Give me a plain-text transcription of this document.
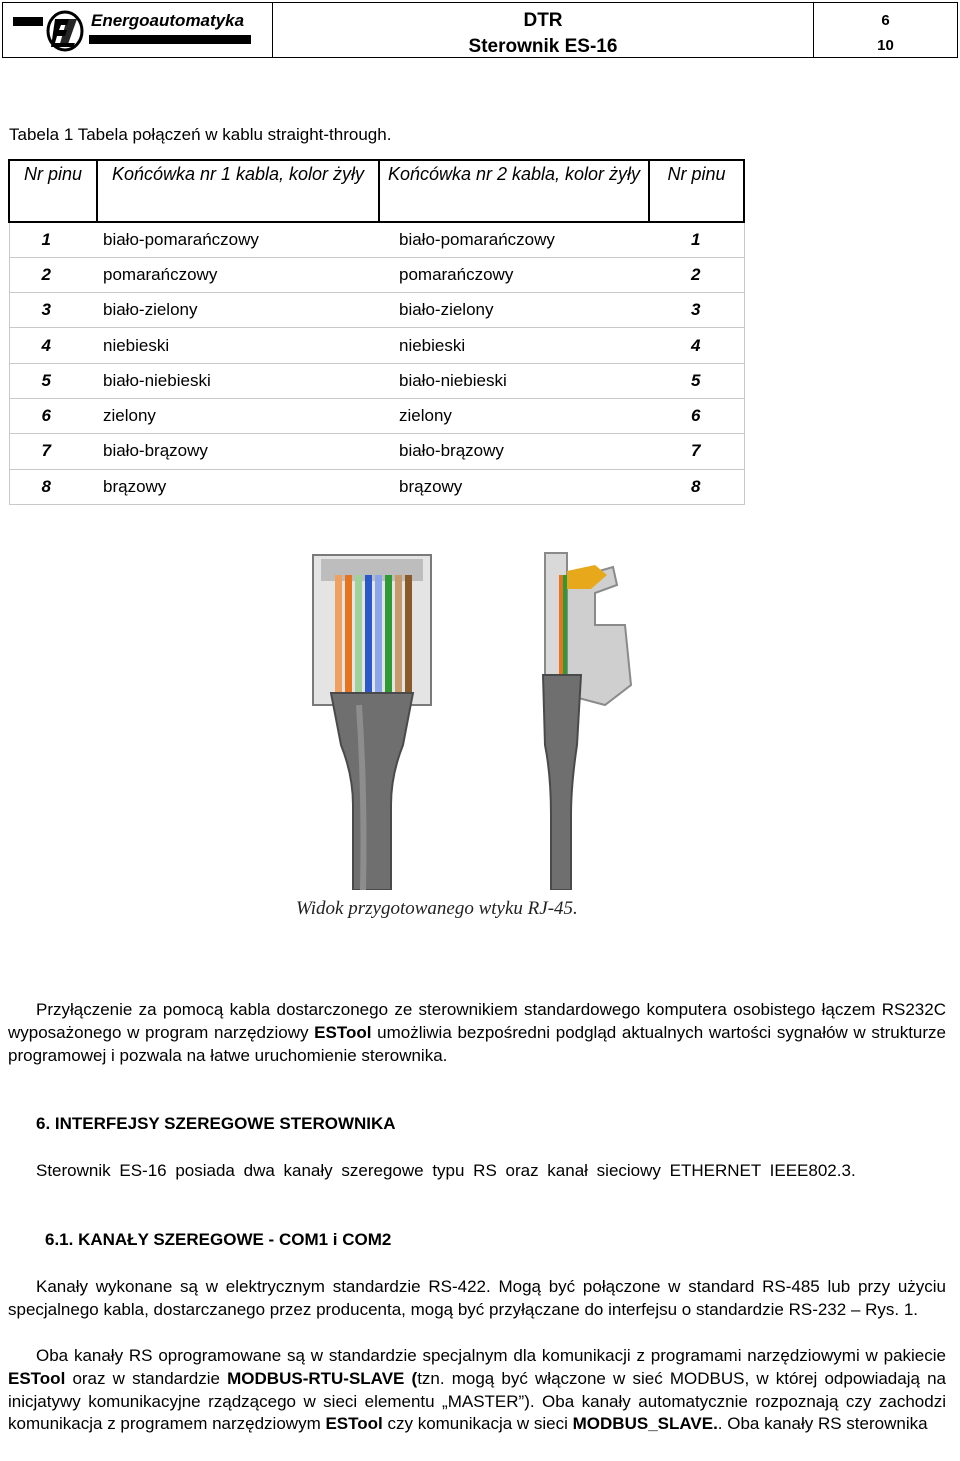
Energoautomatyka	DTR
Sterownik ES-16
6
10
Tabela 1 Tabela połączeń w kablu straight-through.
Nr pinu	Końcówka nr 1 kabla, kolor żyły	Końcówka nr 2 kabla, kolor żyły	Nr pinu
1	biało-pomarańczowy	biało-pomarańczowy	1
2	pomarańczowy	pomarańczowy	2
3	biało-zielony	biało-zielony	3
4	niebieski	niebieski	4
5	biało-niebieski	biało-niebieski	5
6	zielony	zielony	6
7	biało-brązowy	biało-brązowy	7
8	brązowy	brązowy	8
Widok przygotowanego wtyku RJ-45.
Przyłączenie za pomocą kabla dostarczonego ze sterownikiem standardowego komputera osobistego łączem RS232C wyposażonego w program narzędziowy ESTool umożliwia bezpośredni podgląd aktualnych wartości sygnałów w strukturze programowej i pozwala na łatwe uruchomienie sterownika.
6. INTERFEJSY SZEREGOWE STEROWNIKA
Sterownik ES-16 posiada dwa kanały szeregowe typu RS oraz kanał sieciowy ETHERNET IEEE802.3.
6.1. KANAŁY SZEREGOWE - COM1 i COM2
Kanały wykonane są w elektrycznym standardzie RS-422. Mogą być połączone w standard RS-485 lub przy użyciu specjalnego kabla, dostarczanego przez producenta, mogą być przyłączane do interfejsu o standardzie RS-232 – Rys. 1.
Oba kanały RS oprogramowane są w standardzie specjalnym dla komunikacji z programami narzędziowymi w pakiecie ESTool oraz w standardzie MODBUS-RTU-SLAVE (tzn. mogą być włączone w sieć MODBUS, w której odpowiadają na inicjatywy komunikacyjne rządzącego w sieci elementu „MASTER”). Oba kanały automatycznie rozpoznają czy zachodzi komunikacja z programem narzędziowym ESTool czy komunikacja w sieci MODBUS_SLAVE.. Oba kanały RS sterownika
